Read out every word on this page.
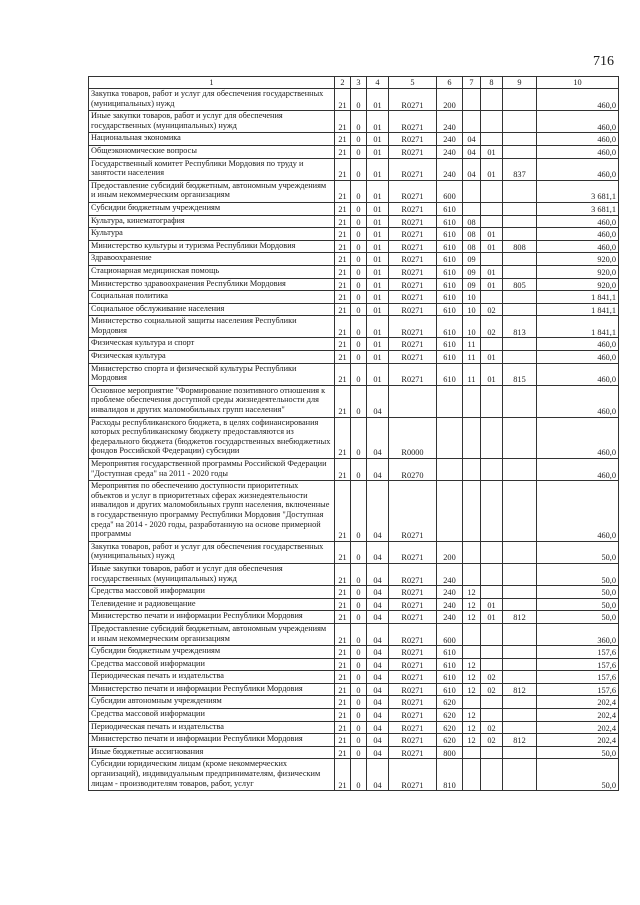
716
1	2	3	4	5	6	7	8	9	10
Закупка товаров, работ и услуг для обеспечения государственных (муниципальных) нужд	21	0	01	R0271	200				460,0
Иные закупки товаров, работ и услуг для обеспечения государственных (муниципальных) нужд	21	0	01	R0271	240				460,0
Национальная экономика	21	0	01	R0271	240	04			460,0
Общеэкономические вопросы	21	0	01	R0271	240	04	01		460,0
Государственный комитет Республики Мордовия по труду и занятости населения	21	0	01	R0271	240	04	01	837	460,0
Предоставление субсидий бюджетным, автономным учреждениям и иным некоммерческим организациям	21	0	01	R0271	600				3 681,1
Субсидии бюджетным учреждениям	21	0	01	R0271	610				3 681,1
Культура, кинематография	21	0	01	R0271	610	08			460,0
Культура	21	0	01	R0271	610	08	01		460,0
Министерство культуры и туризма Республики Мордовия	21	0	01	R0271	610	08	01	808	460,0
Здравоохранение	21	0	01	R0271	610	09			920,0
Стационарная медицинская помощь	21	0	01	R0271	610	09	01		920,0
Министерство здравоохранения Республики Мордовия	21	0	01	R0271	610	09	01	805	920,0
Социальная политика	21	0	01	R0271	610	10			1 841,1
Социальное обслуживание населения	21	0	01	R0271	610	10	02		1 841,1
Министерство социальной защиты населения Республики Мордовия	21	0	01	R0271	610	10	02	813	1 841,1
Физическая культура и спорт	21	0	01	R0271	610	11			460,0
Физическая культура	21	0	01	R0271	610	11	01		460,0
Министерство спорта и физической культуры Республики Мордовия	21	0	01	R0271	610	11	01	815	460,0
Основное мероприятие "Формирование позитивного отношения к проблеме обеспечения доступной среды жизнедеятельности для инвалидов и других маломобильных групп населения"	21	0	04						460,0
Расходы республиканского бюджета, в целях софинансирования которых республиканскому бюджету предоставляются из федерального бюджета (бюджетов государственных внебюджетных фондов Российской Федерации) субсидии	21	0	04	R0000					460,0
Мероприятия государственной программы Российской Федерации "Доступная среда" на 2011 - 2020 годы	21	0	04	R0270					460,0
Мероприятия по обеспечению доступности приоритетных объектов и услуг в приоритетных сферах жизнедеятельности инвалидов и других маломобильных групп населения, включенные в государственную программу Республики Мордовия "Доступная среда" на 2014 - 2020 годы, разработанную на основе примерной программы	21	0	04	R0271					460,0
Закупка товаров, работ и услуг для обеспечения государственных (муниципальных) нужд	21	0	04	R0271	200				50,0
Иные закупки товаров, работ и услуг для обеспечения государственных (муниципальных) нужд	21	0	04	R0271	240				50,0
Средства массовой информации	21	0	04	R0271	240	12			50,0
Телевидение и радиовещание	21	0	04	R0271	240	12	01		50,0
Министерство печати и информации Республики Мордовия	21	0	04	R0271	240	12	01	812	50,0
Предоставление субсидий бюджетным, автономным учреждениям и иным некоммерческим организациям	21	0	04	R0271	600				360,0
Субсидии бюджетным учреждениям	21	0	04	R0271	610				157,6
Средства массовой информации	21	0	04	R0271	610	12			157,6
Периодическая печать и издательства	21	0	04	R0271	610	12	02		157,6
Министерство печати и информации Республики Мордовия	21	0	04	R0271	610	12	02	812	157,6
Субсидии автономным учреждениям	21	0	04	R0271	620				202,4
Средства массовой информации	21	0	04	R0271	620	12			202,4
Периодическая печать и издательства	21	0	04	R0271	620	12	02		202,4
Министерство печати и информации Республики Мордовия	21	0	04	R0271	620	12	02	812	202,4
Иные бюджетные ассигнования	21	0	04	R0271	800				50,0
Субсидии юридическим лицам (кроме некоммерческих организаций), индивидуальным предпринимателям, физическим лицам - производителям товаров, работ, услуг	21	0	04	R0271	810				50,0
